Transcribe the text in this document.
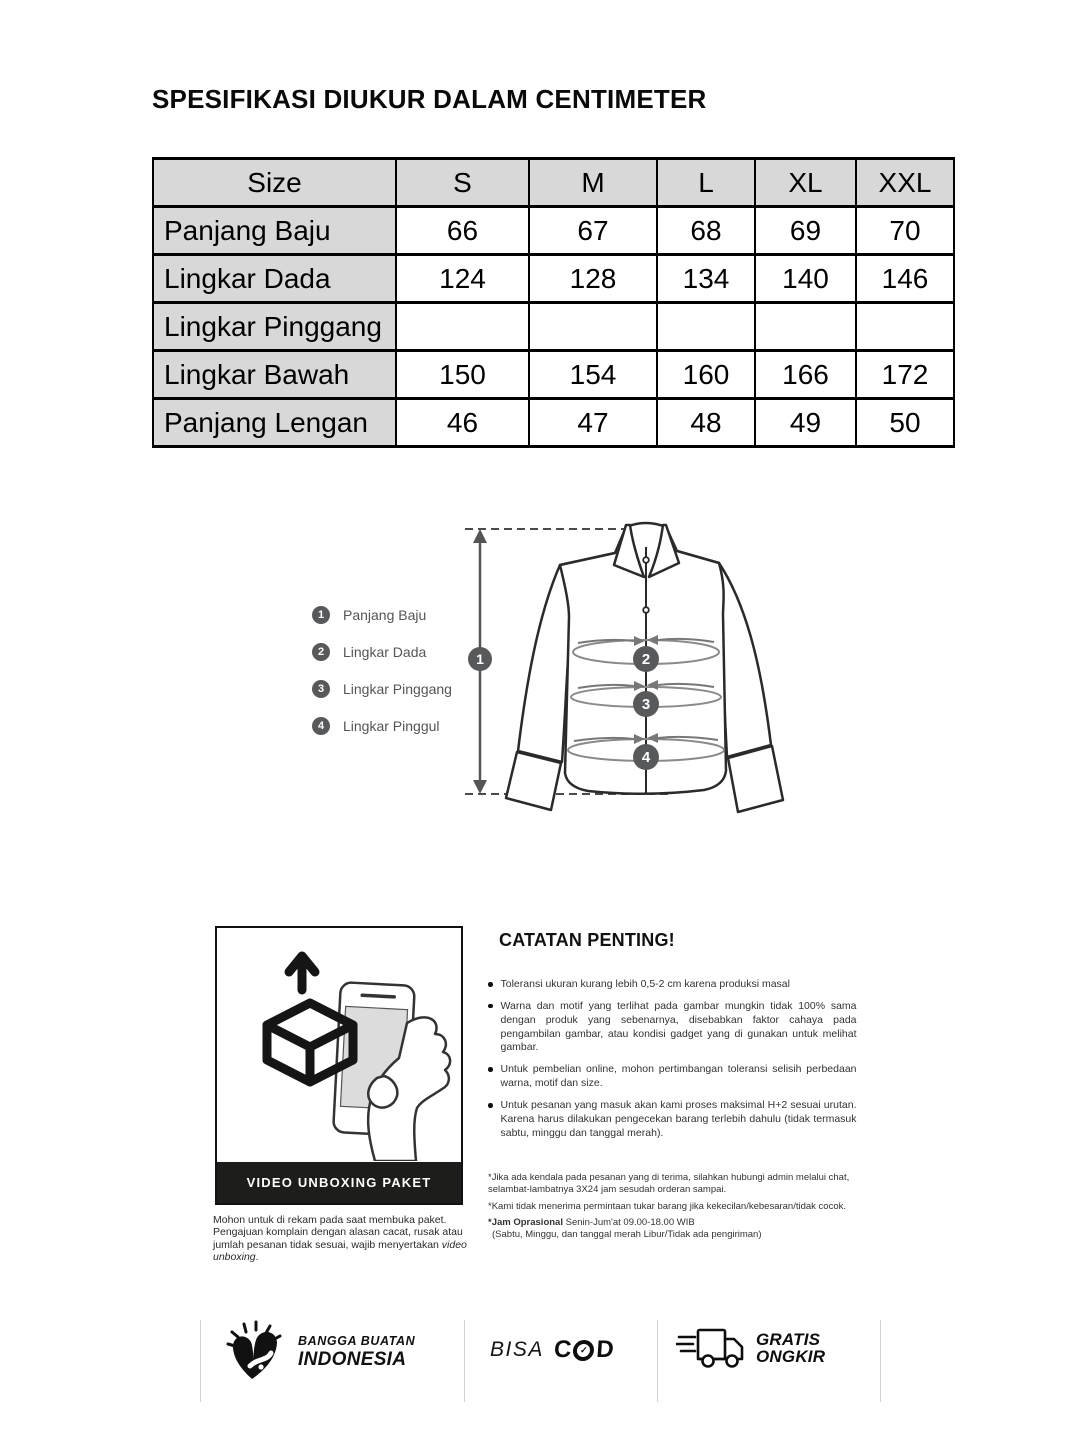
SPESIFIKASI DIUKUR DALAM CENTIMETER
Size	S	M	L	XL	XXL
Panjang Baju	66	67	68	69	70
Lingkar Dada	124	128	134	140	146
Lingkar Pinggang					
Lingkar Bawah	150	154	160	166	172
Panjang Lengan	46	47	48	49	50
1	Panjang Baju
2	Lingkar Dada
3	Lingkar Pinggang
4	Lingkar Pinggul
1	2
3
4
VIDEO UNBOXING PAKET
Mohon untuk di rekam pada saat membuka paket. Pengajuan komplain dengan alasan cacat, rusak atau jumlah pesanan tidak sesuai, wajib menyertakan video unboxing.
CATATAN PENTING!
Toleransi ukuran kurang lebih 0,5-2 cm karena produksi masal
Warna dan motif yang terlihat pada gambar mungkin tidak 100% sama dengan produk yang sebenarnya, disebabkan faktor cahaya pada pengambilan gambar, atau kondisi gadget yang di gunakan untuk melihat gambar.
Untuk pembelian online, mohon pertimbangan toleransi selisih perbedaan warna, motif dan size.
Untuk pesanan yang masuk akan kami proses maksimal H+2 sesuai urutan. Karena harus dilakukan pengecekan barang terlebih dahulu (tidak termasuk sabtu, minggu dan tanggal merah).
*Jika ada kendala pada pesanan yang di terima, silahkan hubungi admin melalui chat, selambat-lambatnya 3X24 jam sesudah orderan sampai.
*Kami tidak menerima permintaan tukar barang jika kekecilan/kebesaran/tidak cocok.
*Jam Oprasional Senin-Jum'at 09.00-18.00 WIB
(Sabtu, Minggu, dan tanggal merah Libur/Tidak ada pengiriman)
BANGGA BUATAN
INDONESIA	BISA C ✓ D	GRATIS
ONGKIR
